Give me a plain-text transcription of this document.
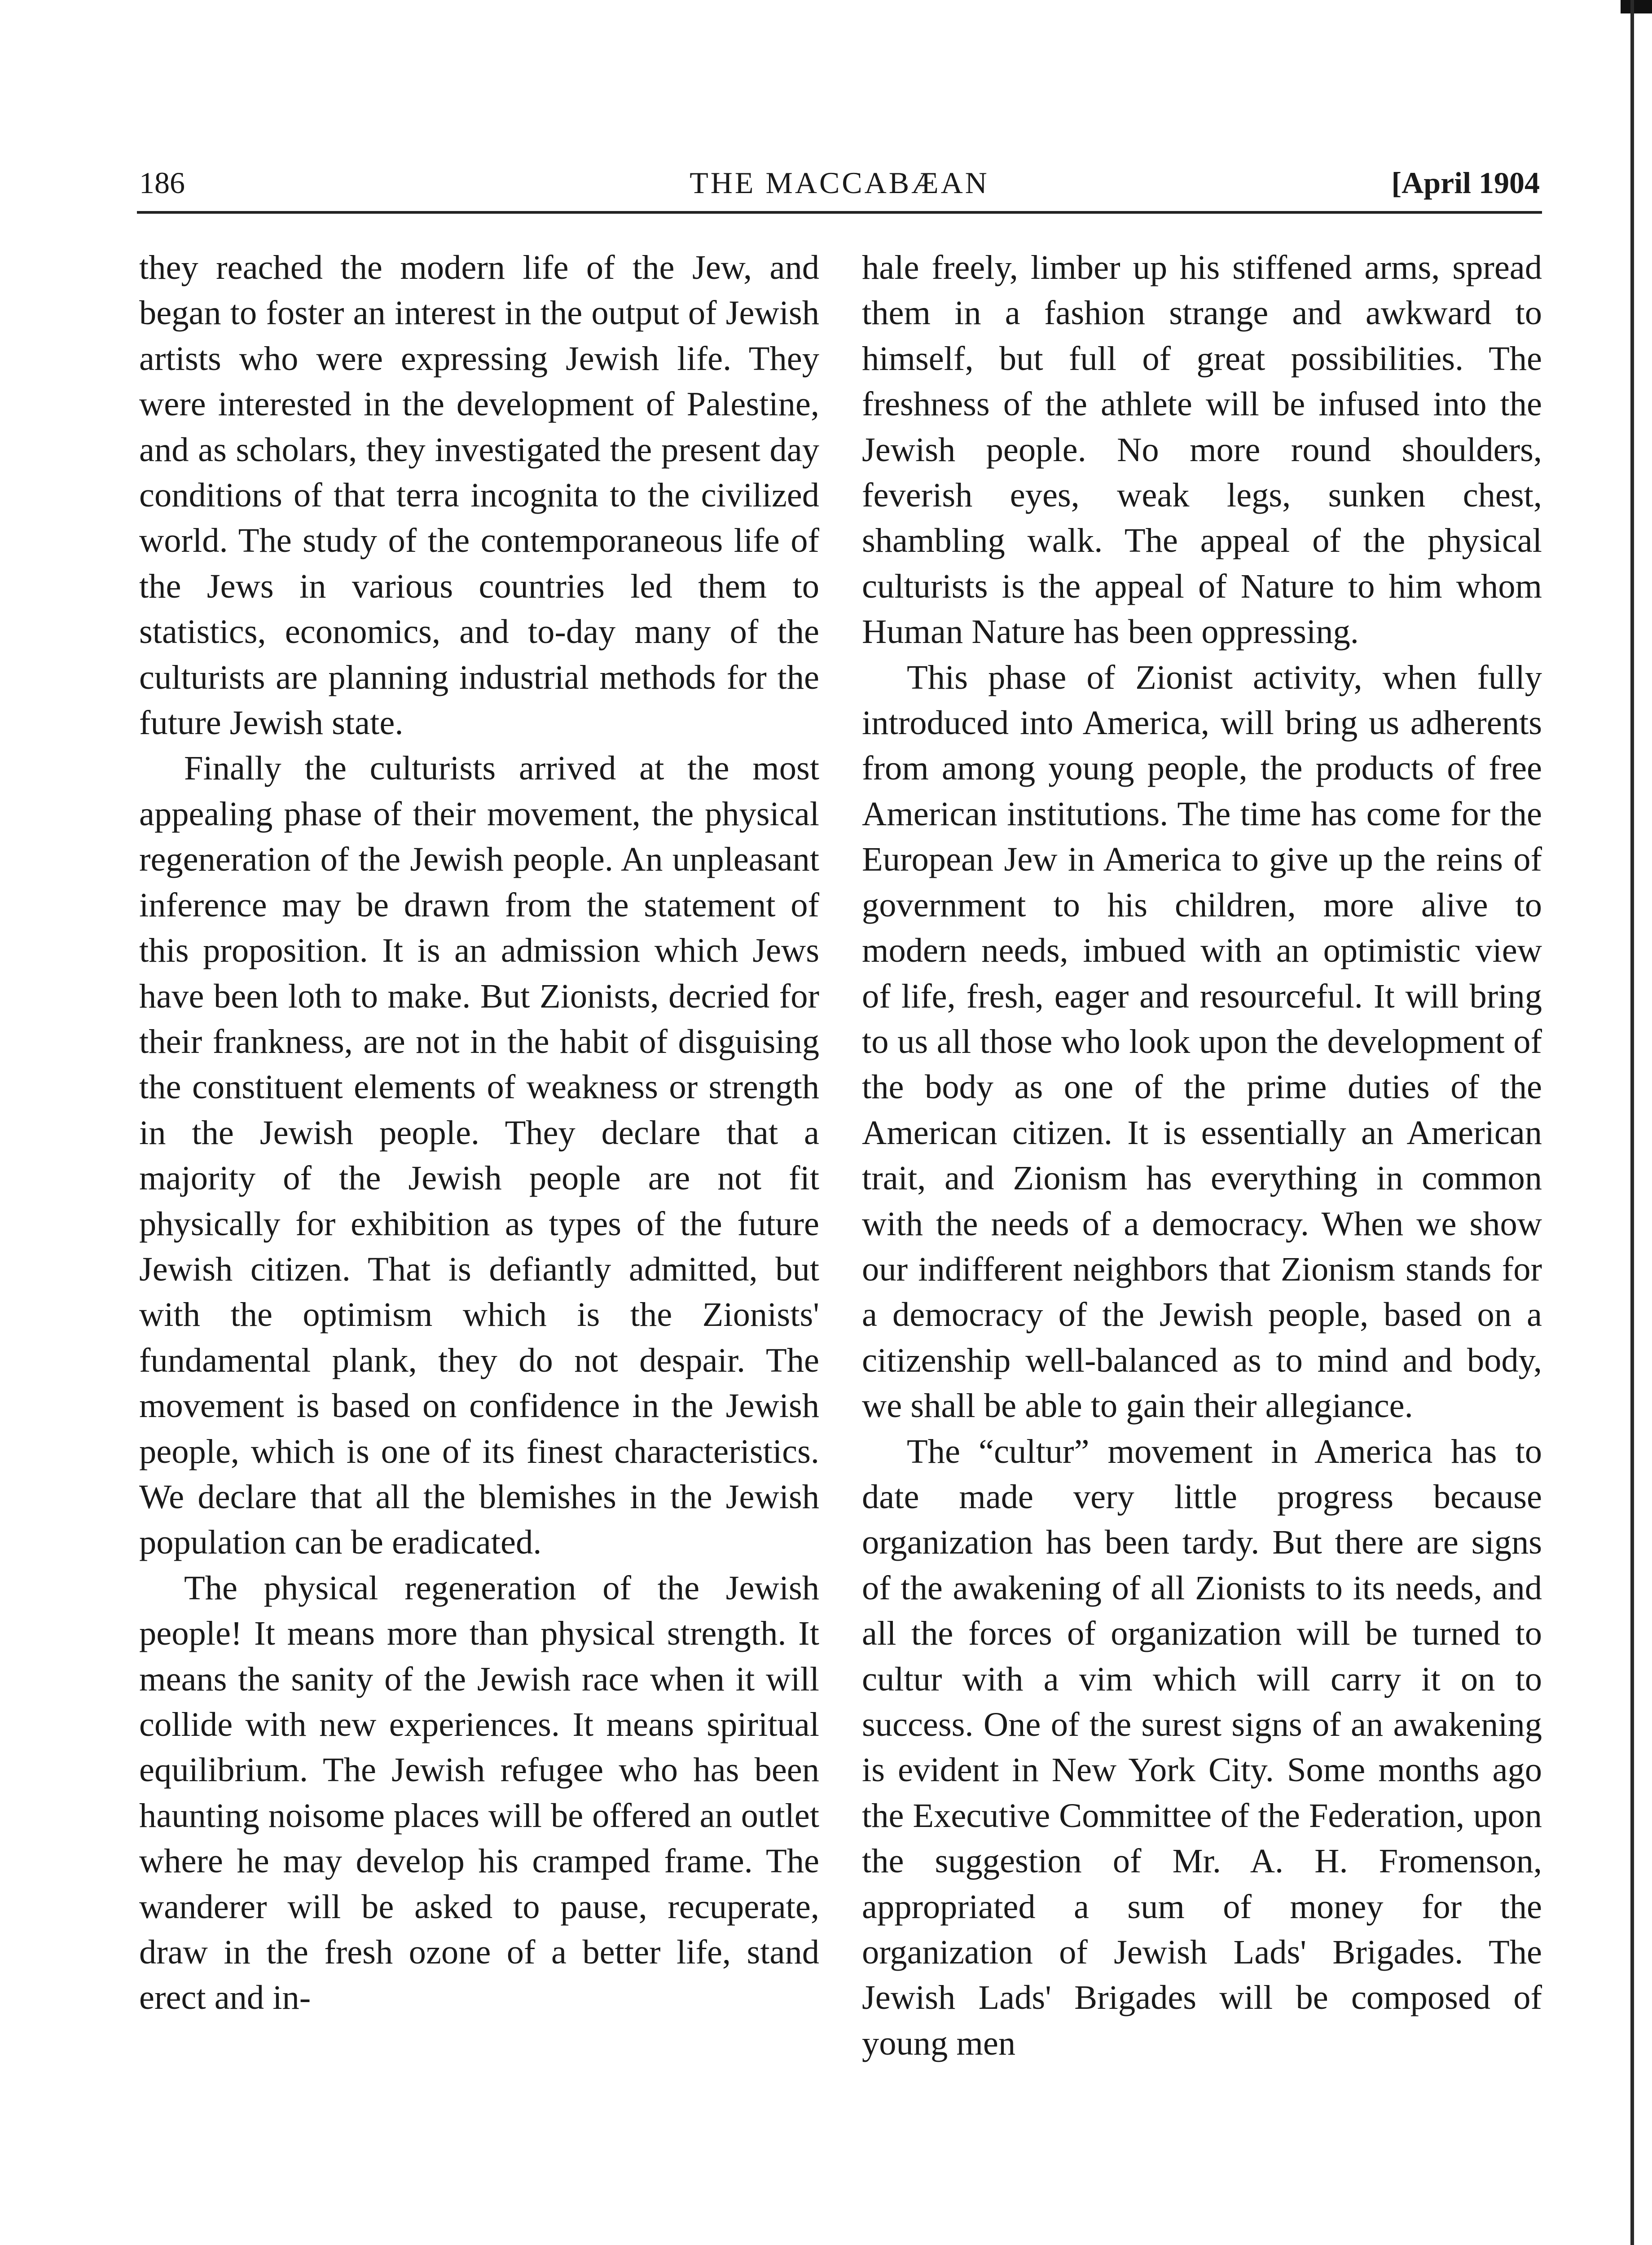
186	THE MACCABÆAN	[April 1904

they reached the modern life of the Jew, and began to foster an interest in the output of Jewish artists who were expressing Jewish life. They were interested in the development of Palestine, and as scholars, they investigated the present day conditions of that terra incognita to the civilized world. The study of the contemporaneous life of the Jews in various countries led them to statistics, economics, and to-day many of the culturists are planning industrial methods for the future Jewish state.

Finally the culturists arrived at the most appealing phase of their movement, the physical regeneration of the Jewish people. An unpleasant inference may be drawn from the statement of this proposition. It is an admission which Jews have been loth to make. But Zionists, decried for their frankness, are not in the habit of disguising the constituent elements of weakness or strength in the Jewish people. They declare that a majority of the Jewish people are not fit physically for exhibition as types of the future Jewish citizen. That is defiantly admitted, but with the optimism which is the Zionists' fundamental plank, they do not despair. The movement is based on confidence in the Jewish people, which is one of its finest characteristics. We declare that all the blemishes in the Jewish population can be eradicated.

The physical regeneration of the Jewish people! It means more than physical strength. It means the sanity of the Jewish race when it will collide with new experiences. It means spiritual equilibrium. The Jewish refugee who has been haunting noisome places will be offered an outlet where he may develop his cramped frame. The wanderer will be asked to pause, recuperate, draw in the fresh ozone of a better life, stand erect and in-

hale freely, limber up his stiffened arms, spread them in a fashion strange and awkward to himself, but full of great possibilities. The freshness of the athlete will be infused into the Jewish people. No more round shoulders, feverish eyes, weak legs, sunken chest, shambling walk. The appeal of the physical culturists is the appeal of Nature to him whom Human Nature has been oppressing.

This phase of Zionist activity, when fully introduced into America, will bring us adherents from among young people, the products of free American institutions. The time has come for the European Jew in America to give up the reins of government to his children, more alive to modern needs, imbued with an optimistic view of life, fresh, eager and resourceful. It will bring to us all those who look upon the development of the body as one of the prime duties of the American citizen. It is essentially an American trait, and Zionism has everything in common with the needs of a democracy. When we show our indifferent neighbors that Zionism stands for a democracy of the Jewish people, based on a citizenship well-balanced as to mind and body, we shall be able to gain their allegiance.

The “cultur” movement in America has to date made very little progress because organization has been tardy. But there are signs of the awakening of all Zionists to its needs, and all the forces of organization will be turned to cultur with a vim which will carry it on to success. One of the surest signs of an awakening is evident in New York City. Some months ago the Executive Committee of the Federation, upon the suggestion of Mr. A. H. Fromenson, appropriated a sum of money for the organization of Jewish Lads' Brigades. The Jewish Lads' Brigades will be composed of young men
